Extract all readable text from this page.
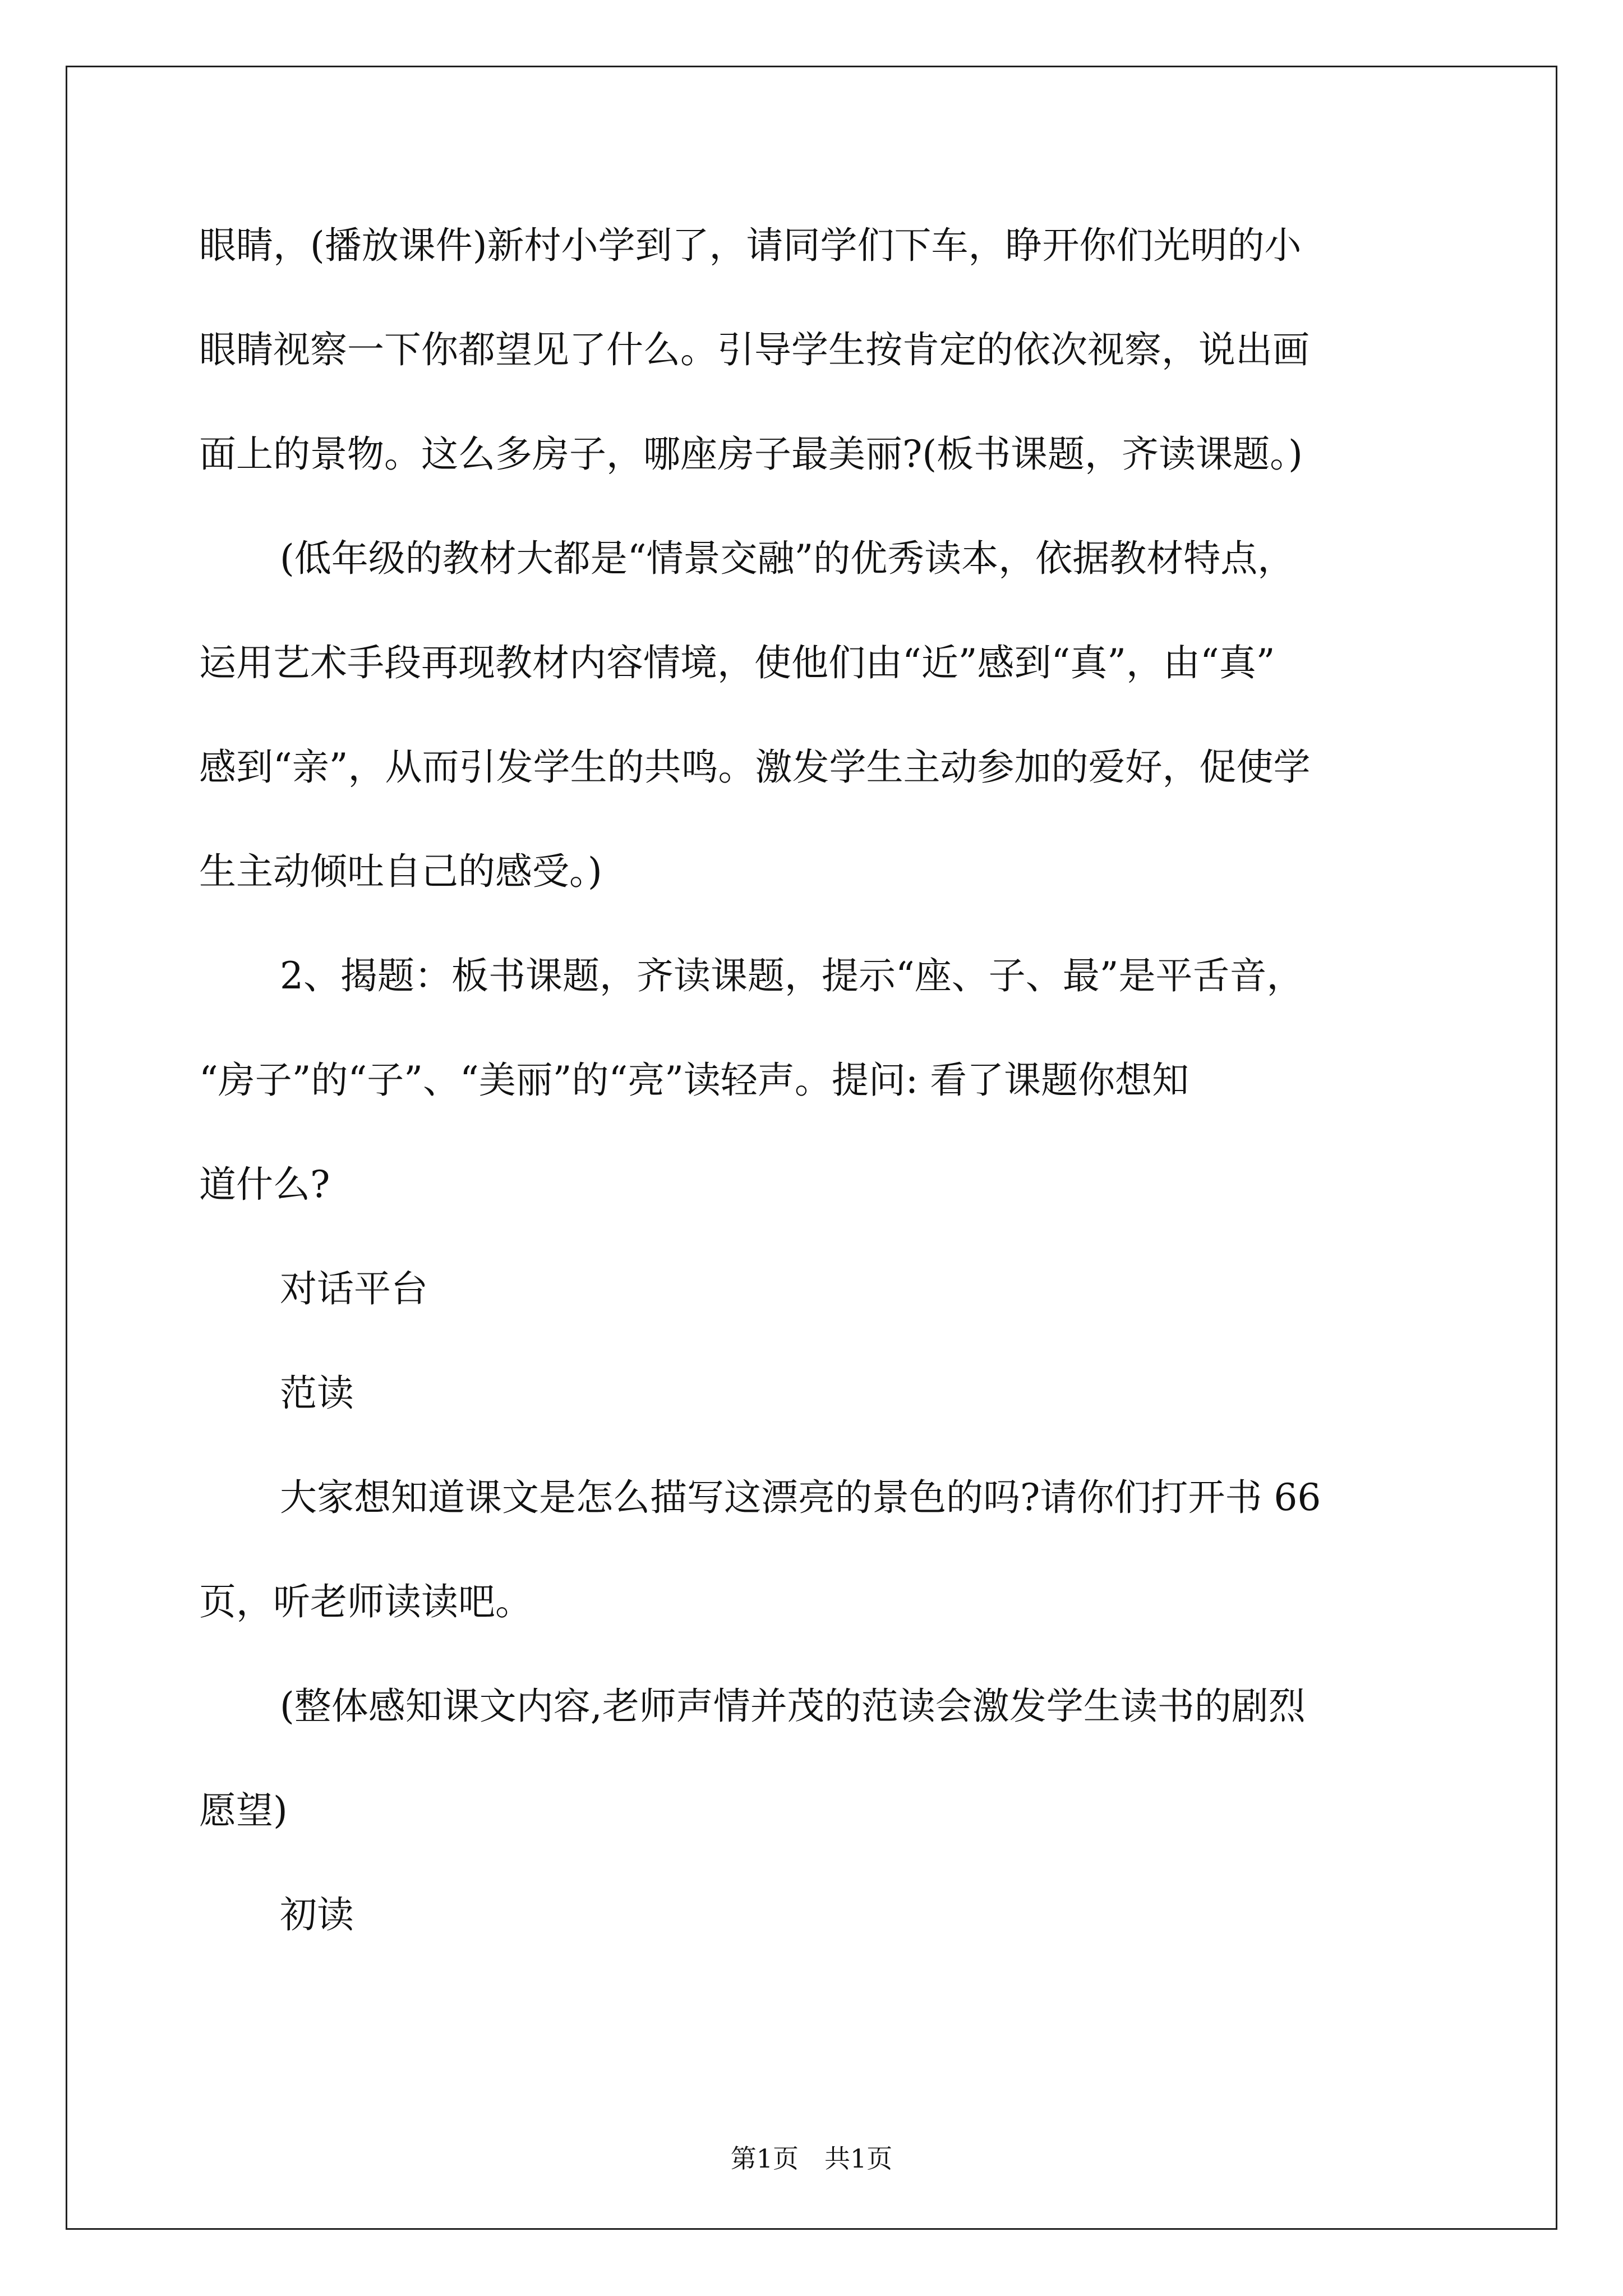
眼睛，(播放课件)新村小学到了，请同学们下车，睁开你们光明的小
眼睛视察一下你都望见了什么。引导学生按肯定的依次视察，说出画
面上的景物。这么多房子，哪座房子最美丽?(板书课题，齐读课题。)

(低年级的教材大都是“情景交融”的优秀读本，依据教材特点，
运用艺术手段再现教材内容情境，使他们由“近”感到“真”，由“真”
感到“亲”，从而引发学生的共鸣。激发学生主动参加的爱好，促使学
生主动倾吐自己的感受。)

2、揭题：板书课题，齐读课题，提示“座、子、最”是平舌音，
“房子”的“子”、“美丽”的“亮”读轻声。提问: 看了课题你想知
道什么?

对话平台

范读

大家想知道课文是怎么描写这漂亮的景色的吗?请你们打开书 66
页，听老师读读吧。

(整体感知课文内容,老师声情并茂的范读会激发学生读书的剧烈
愿望)

初读

第1页　共1页
